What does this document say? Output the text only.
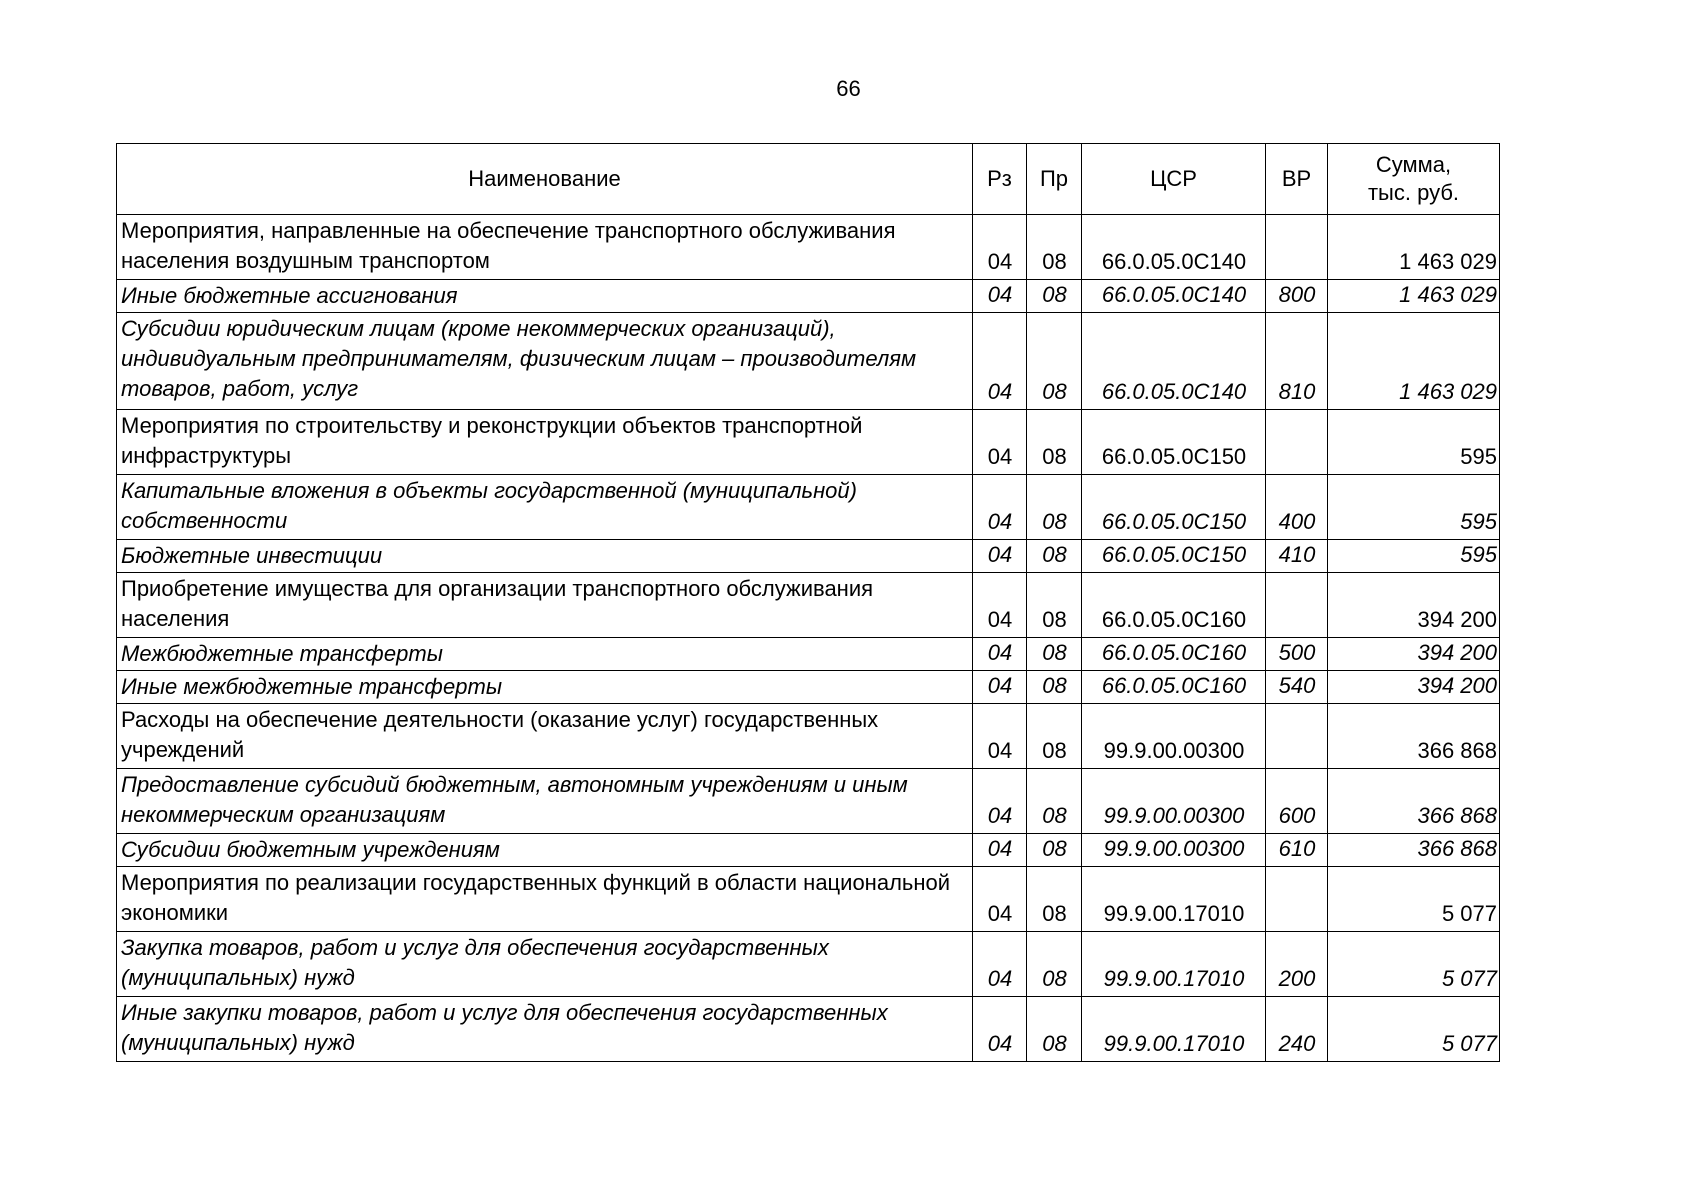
66
Наименование	Рз	Пр	ЦСР	ВР	Сумма,
тыс. руб.

Мероприятия, направленные на обеспечение транспортного обслуживания населения воздушным транспортом	04	08	66.0.05.0С140		1 463 029
Иные бюджетные ассигнования	04	08	66.0.05.0С140	800	1 463 029
Субсидии юридическим лицам (кроме некоммерческих организаций), индивидуальным предпринимателям, физическим лицам – производителям товаров, работ, услуг	04	08	66.0.05.0С140	810	1 463 029
Мероприятия по строительству и реконструкции объектов транспортной инфраструктуры	04	08	66.0.05.0С150		595
Капитальные вложения в объекты государственной (муниципальной) собственности	04	08	66.0.05.0С150	400	595
Бюджетные инвестиции	04	08	66.0.05.0С150	410	595
Приобретение имущества для организации транспортного обслуживания населения	04	08	66.0.05.0С160		394 200
Межбюджетные трансферты	04	08	66.0.05.0С160	500	394 200
Иные межбюджетные трансферты	04	08	66.0.05.0С160	540	394 200
Расходы на обеспечение деятельности (оказание услуг) государственных учреждений	04	08	99.9.00.00300		366 868
Предоставление субсидий бюджетным, автономным учреждениям и иным некоммерческим организациям	04	08	99.9.00.00300	600	366 868
Субсидии бюджетным учреждениям	04	08	99.9.00.00300	610	366 868
Мероприятия по реализации государственных функций в области национальной экономики	04	08	99.9.00.17010		5 077
Закупка товаров, работ и услуг для обеспечения государственных (муниципальных) нужд	04	08	99.9.00.17010	200	5 077
Иные закупки товаров, работ и услуг для обеспечения государственных (муниципальных) нужд	04	08	99.9.00.17010	240	5 077
